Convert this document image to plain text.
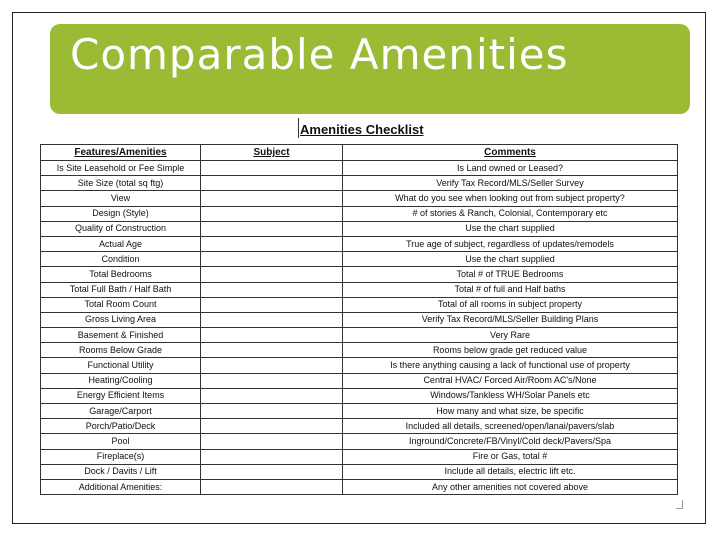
Comparable Amenities
Amenities Checklist
Features/Amenities	Subject	Comments
Is Site Leasehold or Fee Simple		Is Land owned or Leased?
Site Size (total sq ftg)		Verify Tax Record/MLS/Seller Survey
View		What do you see when looking out from subject property?
Design (Style)		# of stories & Ranch, Colonial, Contemporary etc
Quality of Construction		Use the chart supplied
Actual Age		True age of subject, regardless of updates/remodels
Condition		Use the chart supplied
Total Bedrooms		Total # of TRUE Bedrooms
Total Full Bath / Half Bath		Total # of full and Half baths
Total Room Count		Total of all rooms in subject property
Gross Living Area		Verify Tax Record/MLS/Seller Building Plans
Basement & Finished		Very Rare
Rooms Below Grade		Rooms below grade get reduced value
Functional Utility		Is there anything causing a lack of functional use of property
Heating/Cooling		Central HVAC/ Forced Air/Room AC's/None
Energy Efficient Items		Windows/Tankless WH/Solar Panels etc
Garage/Carport		How many and what size, be specific
Porch/Patio/Deck		Included all details, screened/open/lanai/pavers/slab
Pool		Inground/Concrete/FB/Vinyl/Cold deck/Pavers/Spa
Fireplace(s)		Fire or Gas, total #
Dock / Davits / Lift		Include all details, electric lift etc.
Additional Amenities:		Any other amenities not covered above
